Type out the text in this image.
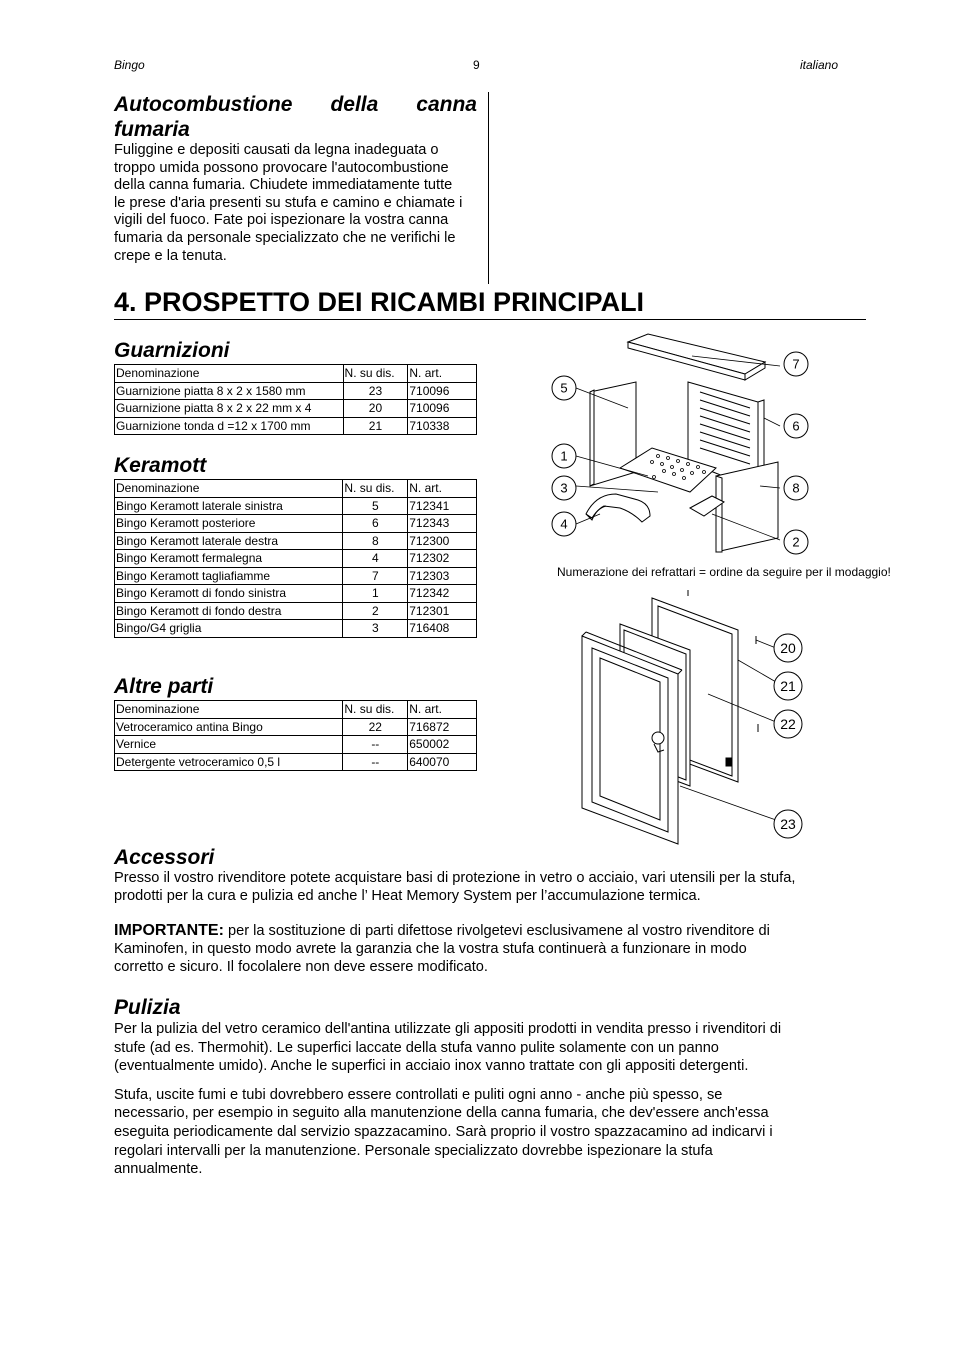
Bingo	9	italiano
Autocombustione della canna fumaria
Fuliggine e depositi causati da legna inadeguata o
troppo umida possono provocare l'autocombustione
della canna fumaria. Chiudete immediatamente tutte
le prese d'aria presenti su stufa e camino e chiamate i
vigili del fuoco. Fate poi ispezionare la vostra canna
fumaria da personale specializzato che ne verifichi le
crepe e la tenuta.
4. PROSPETTO DEI RICAMBI PRINCIPALI
Guarnizioni
Denominazione	N. su dis.	N. art.
Guarnizione piatta 8 x 2 x 1580 mm	23	710096
Guarnizione piatta 8 x 2 x 22 mm x 4	20	710096
Guarnizione tonda d =12 x 1700 mm	21	710338
Keramott
Denominazione	N. su dis.	N. art.
Bingo Keramott laterale sinistra	5	712341
Bingo Keramott posteriore	6	712343
Bingo Keramott laterale destra	8	712300
Bingo Keramott fermalegna	4	712302
Bingo Keramott tagliafiamme	7	712303
Bingo Keramott di fondo sinistra	1	712342
Bingo Keramott di fondo destra	2	712301
Bingo/G4 griglia	3	716408
Altre parti
Denominazione	N. su dis.	N. art.
Vetroceramico antina Bingo	22	716872
Vernice	--	650002
Detergente vetroceramico 0,5 l	--	640070
7
5
6
1
8
3
4
2
Numerazione dei refrattari = ordine da seguire per il modaggio!
20
21
22
23
Accessori
Presso il vostro rivenditore potete acquistare basi di protezione in vetro o acciaio, vari utensili per la stufa,
prodotti per la cura e pulizia ed anche l’ Heat Memory System per l’accumulazione termica.
IMPORTANTE: per la sostituzione di parti difettose rivolgetevi esclusivamene al vostro rivenditore di
Kaminofen, in questo modo avrete la garanzia che la vostra stufa continuerà a funzionare in modo
corretto e sicuro. Il focolalere non deve essere modificato.
Pulizia
Per la pulizia del vetro ceramico dell'antina utilizzate gli appositi prodotti in vendita presso i rivenditori di
stufe (ad es. Thermohit). Le superfici laccate della stufa vanno pulite solamente con un panno
(eventualmente umido). Anche le superfici in acciaio inox vanno trattate con gli appositi detergenti.
Stufa, uscite fumi e tubi dovrebbero essere controllati e puliti ogni anno - anche più spesso, se
necessario, per esempio in seguito alla manutenzione della canna fumaria, che dev'essere anch'essa
eseguita periodicamente dal servizio spazzacamino. Sarà proprio il vostro spazzacamino ad indicarvi i
regolari intervalli per la manutenzione. Personale specializzato dovrebbe ispezionare la stufa
annualmente.
